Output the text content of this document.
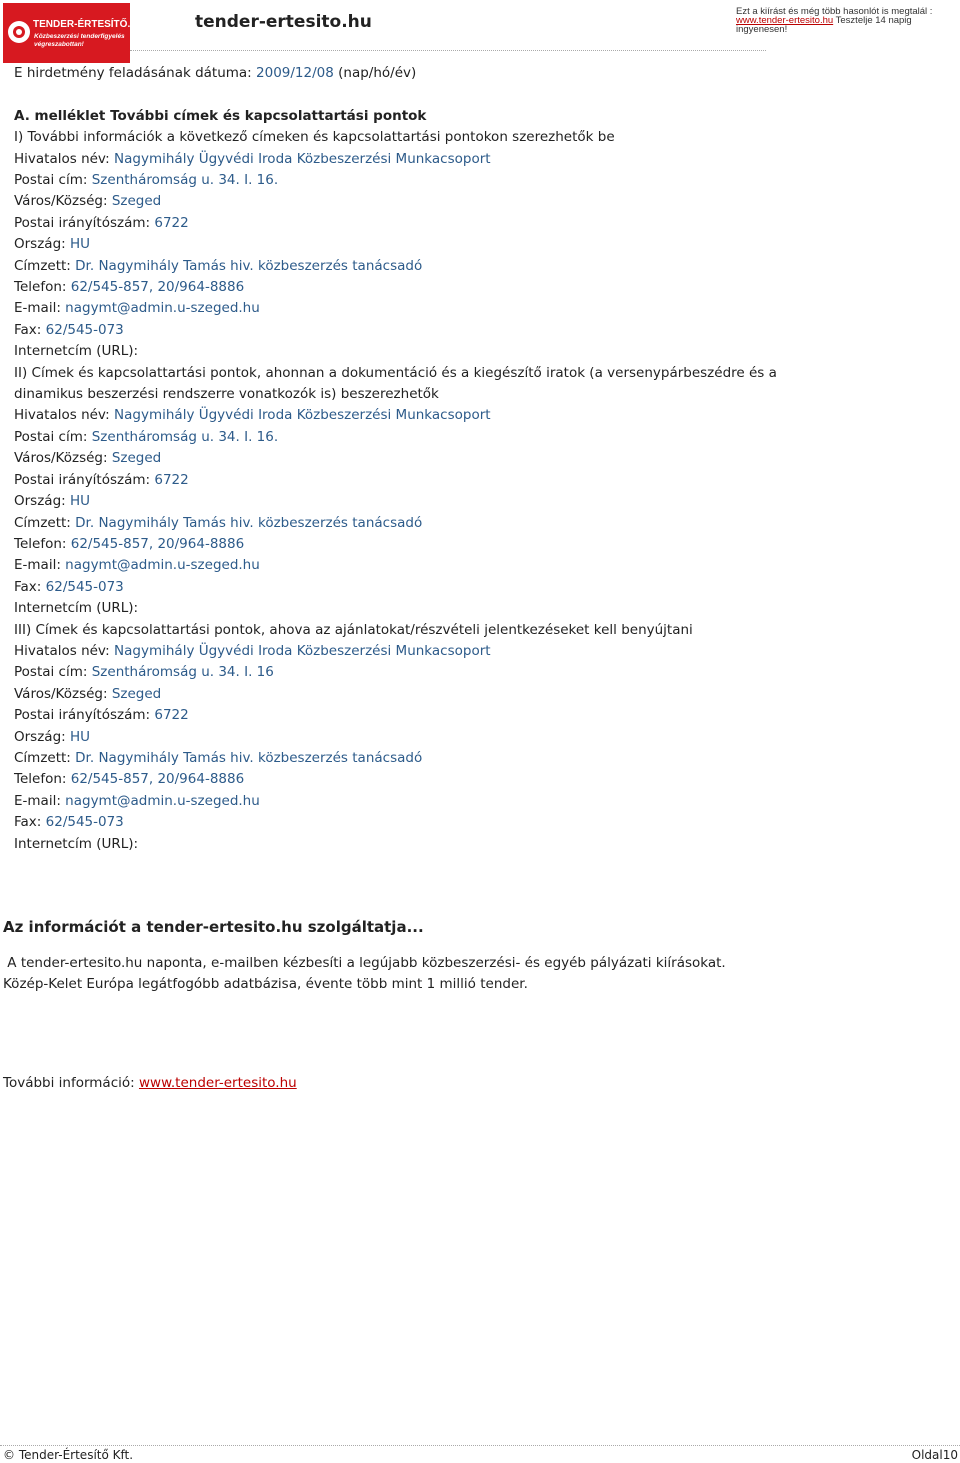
TENDER-ÉRTESÍTŐ.hu
Közbeszerzési tenderfigyelés végreszabottan!
tender-ertesito.hu
Ezt a kiírást és még több hasonlót is megtalál :
www.tender-ertesito.hu Tesztelje 14 napig ingyenesen!
E hirdetmény feladásának dátuma: 2009/12/08 (nap/hó/év)
A. melléklet További címek és kapcsolattartási pontok
I) További információk a következő címeken és kapcsolattartási pontokon szerezhetők be
Hivatalos név: Nagymihály Ügyvédi Iroda Közbeszerzési Munkacsoport
Postai cím: Szentháromság u. 34. I. 16.
Város/Község: Szeged
Postai irányítószám: 6722
Ország: HU
Címzett: Dr. Nagymihály Tamás hiv. közbeszerzés tanácsadó
Telefon: 62/545-857, 20/964-8886
E-mail: nagymt@admin.u-szeged.hu
Fax: 62/545-073
Internetcím (URL):
II) Címek és kapcsolattartási pontok, ahonnan a dokumentáció és a kiegészítő iratok (a versenypárbeszédre és a dinamikus beszerzési rendszerre vonatkozók is) beszerezhetők
Hivatalos név: Nagymihály Ügyvédi Iroda Közbeszerzési Munkacsoport
Postai cím: Szentháromság u. 34. I. 16.
Város/Község: Szeged
Postai irányítószám: 6722
Ország: HU
Címzett: Dr. Nagymihály Tamás hiv. közbeszerzés tanácsadó
Telefon: 62/545-857, 20/964-8886
E-mail: nagymt@admin.u-szeged.hu
Fax: 62/545-073
Internetcím (URL):
III) Címek és kapcsolattartási pontok, ahova az ajánlatokat/részvételi jelentkezéseket kell benyújtani
Hivatalos név: Nagymihály Ügyvédi Iroda Közbeszerzési Munkacsoport
Postai cím: Szentháromság u. 34. I. 16
Város/Község: Szeged
Postai irányítószám: 6722
Ország: HU
Címzett: Dr. Nagymihály Tamás hiv. közbeszerzés tanácsadó
Telefon: 62/545-857, 20/964-8886
E-mail: nagymt@admin.u-szeged.hu
Fax: 62/545-073
Internetcím (URL):
Az információt a tender-ertesito.hu szolgáltatja...
A tender-ertesito.hu naponta, e-mailben kézbesíti a legújabb közbeszerzési- és egyéb pályázati kiírásokat.
Közép-Kelet Európa legátfogóbb adatbázisa, évente több mint 1 millió tender.
További információ: www.tender-ertesito.hu
© Tender-Értesítő Kft.	Oldal10
